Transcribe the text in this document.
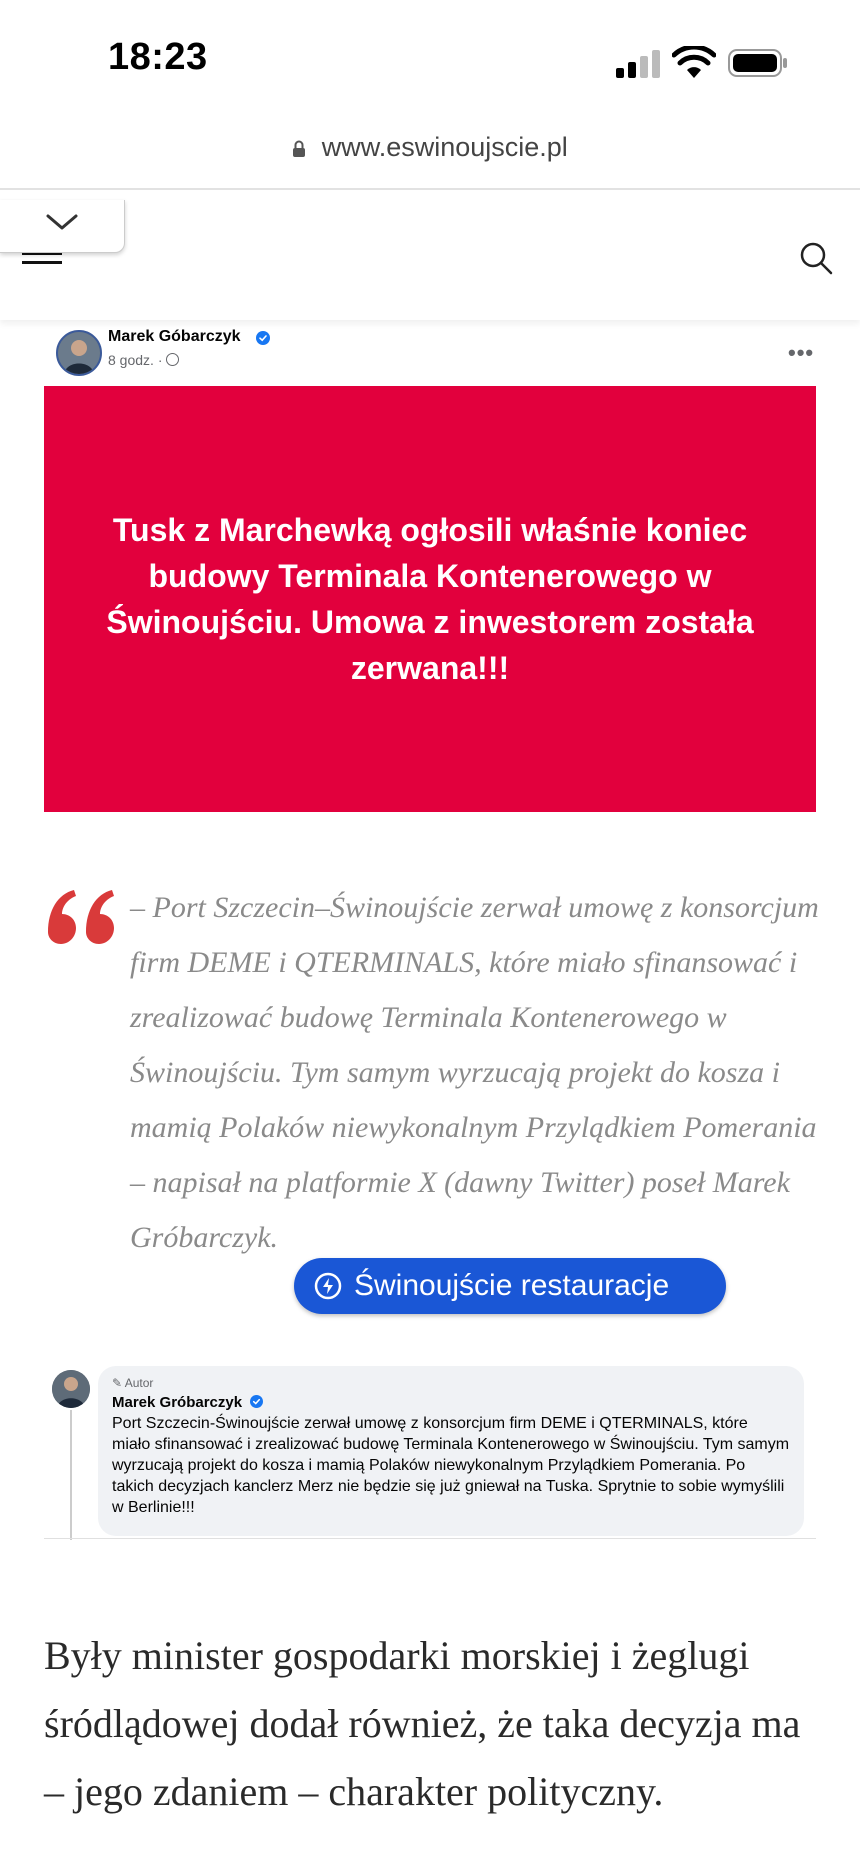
18:23
www.eswinoujscie.pl
Marek Góbarczyk
8 godz. ·	•••
Tusk z Marchewką ogłosili właśnie koniec budowy Terminala Kontenerowego w Świnoujściu. Umowa z inwestorem została zerwana!!!
– Port Szczecin–Świnoujście zerwał umowę z konsorcjum firm DEME i QTERMINALS, które miało sfinansować i zrealizować budowę Terminala Kontenerowego w Świnoujściu. Tym samym wyrzucają projekt do kosza i mamią Polaków niewykonalnym Przylądkiem Pomerania – napisał na platformie X (dawny Twitter) poseł Marek Gróbarczyk.
Świnoujście restauracje
✎ Autor
Marek Gróbarczyk
Port Szczecin-Świnoujście zerwał umowę z konsorcjum firm DEME i QTERMINALS, które miało sfinansować i zrealizować budowę Terminala Kontenerowego w Świnoujściu. Tym samym wyrzucają projekt do kosza i mamią Polaków niewykonalnym Przylądkiem Pomerania. Po takich decyzjach kanclerz Merz nie będzie się już gniewał na Tuska. Sprytnie to sobie wymyślili w Berlinie!!!
Były minister gospodarki morskiej i żeglugi śródlądowej dodał również, że taka decyzja ma – jego zdaniem – charakter polityczny.
